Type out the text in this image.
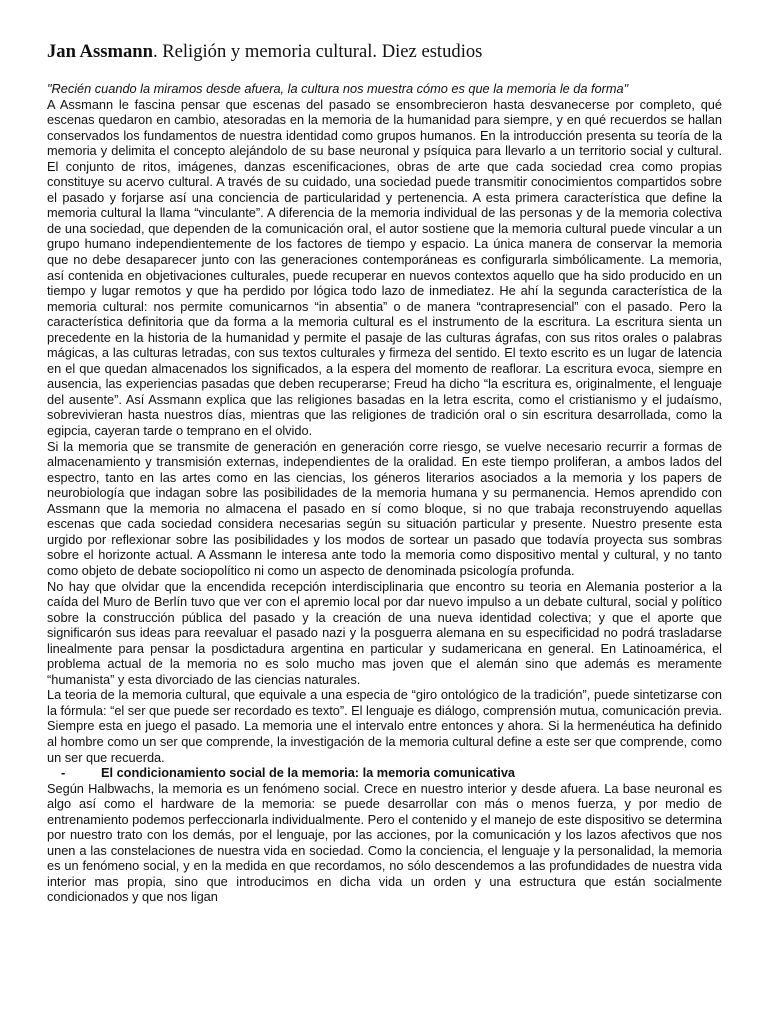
Jan Assmann. Religión y memoria cultural. Diez estudios

"Recién cuando la miramos desde afuera, la cultura nos muestra cómo es que la memoria le da forma"

A Assmann le fascina pensar que escenas del pasado se ensombrecieron hasta desvanecerse por completo, qué escenas quedaron en cambio, atesoradas en la memoria de la humanidad para siempre, y en qué recuerdos se hallan conservados los fundamentos de nuestra identidad como grupos humanos. En la introducción presenta su teoría de la memoria y delimita el concepto alejándolo de su base neuronal y psíquica para llevarlo a un territorio social y cultural. El conjunto de ritos, imágenes, danzas escenificaciones, obras de arte que cada sociedad crea como propias constituye su acervo cultural. A través de su cuidado, una sociedad puede transmitir conocimientos compartidos sobre el pasado y forjarse así una conciencia de particularidad y pertenencia. A esta primera característica que define la memoria cultural la llama “vinculante”. A diferencia de la memoria individual de las personas y de la memoria colectiva de una sociedad, que dependen de la comunicación oral, el autor sostiene que la memoria cultural puede vincular a un grupo humano independientemente de los factores de tiempo y espacio. La única manera de conservar la memoria que no debe desaparecer junto con las generaciones contemporáneas es configurarla simbólicamente. La memoria, así contenida en objetivaciones culturales, puede recuperar en nuevos contextos aquello que ha sido producido en un tiempo y lugar remotos y que ha perdido por lógica todo lazo de inmediatez. He ahí la segunda característica de la memoria cultural: nos permite comunicarnos “in absentia” o de manera “contrapresencial” con el pasado. Pero la característica definitoria que da forma a la memoria cultural es el instrumento de la escritura. La escritura sienta un precedente en la historia de la humanidad y permite el pasaje de las culturas ágrafas, con sus ritos orales o palabras mágicas, a las culturas letradas, con sus textos culturales y firmeza del sentido. El texto escrito es un lugar de latencia en el que quedan almacenados los significados, a la espera del momento de reaflorar. La escritura evoca, siempre en ausencia, las experiencias pasadas que deben recuperarse; Freud ha dicho “la escritura es, originalmente, el lenguaje del ausente”. Así Assmann explica que las religiones basadas en la letra escrita, como el cristianismo y el judaísmo, sobrevivieran hasta nuestros días, mientras que las religiones de tradición oral o sin escritura desarrollada, como la egipcia, cayeran tarde o temprano en el olvido.

Si la memoria que se transmite de generación en generación corre riesgo, se vuelve necesario recurrir a formas de almacenamiento y transmisión externas, independientes de la oralidad. En este tiempo proliferan, a ambos lados del espectro, tanto en las artes como en las ciencias, los géneros literarios asociados a la memoria y los papers de neurobiología que indagan sobre las posibilidades de la memoria humana y su permanencia. Hemos aprendido con Assmann que la memoria no almacena el pasado en sí como bloque, si no que trabaja reconstruyendo aquellas escenas que cada sociedad considera necesarias según su situación particular y presente. Nuestro presente esta urgido por reflexionar sobre las posibilidades y los modos de sortear un pasado que todavía proyecta sus sombras sobre el horizonte actual. A Assmann le interesa ante todo la memoria como dispositivo mental y cultural, y no tanto como objeto de debate sociopolítico ni como un aspecto de denominada psicología profunda.

No hay que olvidar que la encendida recepción interdisciplinaria que encontro su teoria en Alemania posterior a la caída del Muro de Berlín tuvo que ver con el apremio local por dar nuevo impulso a un debate cultural, social y político sobre la construcción pública del pasado y la creación de una nueva identidad colectiva; y que el aporte que significarón sus ideas para reevaluar el pasado nazi y la posguerra alemana en su especificidad no podrá trasladarse linealmente para pensar la posdictadura argentina en particular y sudamericana en general. En Latinoamérica, el problema actual de la memoria no es solo mucho mas joven que el alemán sino que además es meramente “humanista” y esta divorciado de las ciencias naturales.

La teoria de la memoria cultural, que equivale a una especia de “giro ontológico de la tradición”, puede sintetizarse con la fórmula: “el ser que puede ser recordado es texto”. El lenguaje es diálogo, comprensión mutua, comunicación previa. Siempre esta en juego el pasado. La memoria une el intervalo entre entonces y ahora. Si la hermenéutica ha definido al hombre como un ser que comprende, la investigación de la memoria cultural define a este ser que comprende, como un ser que recuerda.

-	El condicionamiento social de la memoria: la memoria comunicativa

Según Halbwachs, la memoria es un fenómeno social. Crece en nuestro interior y desde afuera. La base neuronal es algo así como el hardware de la memoria: se puede desarrollar con más o menos fuerza, y por medio de entrenamiento podemos perfeccionarla individualmente. Pero el contenido y el manejo de este dispositivo se determina por nuestro trato con los demás, por el lenguaje, por las acciones, por la comunicación y los lazos afectivos que nos unen a las constelaciones de nuestra vida en sociedad. Como la conciencia, el lenguaje y la personalidad, la memoria es un fenómeno social, y en la medida en que recordamos, no sólo descendemos a las profundidades de nuestra vida interior mas propia, sino que introducimos en dicha vida un orden y una estructura que están socialmente condicionados y que nos ligan
